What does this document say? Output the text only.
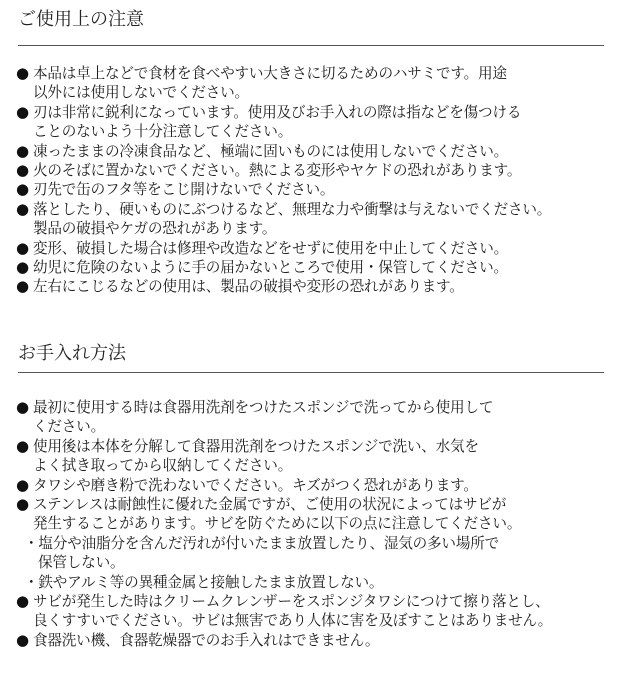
ご使用上の注意
● 本品は卓上などで食材を食べやすい大きさに切るためのハサミです。用途
以外には使用しないでください。
● 刃は非常に鋭利になっています。使用及びお手入れの際は指などを傷つける
ことのないよう十分注意してください。
● 凍ったままの冷凍食品など、極端に固いものには使用しないでください。
● 火のそばに置かないでください。熱による変形やヤケドの恐れがあります。
● 刃先で缶のフタ等をこじ開けないでください。
● 落としたり、硬いものにぶつけるなど、無理な力や衝撃は与えないでください。
製品の破損やケガの恐れがあります。
● 変形、破損した場合は修理や改造などをせずに使用を中止してください。
● 幼児に危険のないように手の届かないところで使用・保管してください。
● 左右にこじるなどの使用は、製品の破損や変形の恐れがあります。
お手入れ方法
● 最初に使用する時は食器用洗剤をつけたスポンジで洗ってから使用して
ください。
● 使用後は本体を分解して食器用洗剤をつけたスポンジで洗い、水気を
よく拭き取ってから収納してください。
● タワシや磨き粉で洗わないでください。キズがつく恐れがあります。
● ステンレスは耐蝕性に優れた金属ですが、ご使用の状況によってはサビが
発生することがあります。サビを防ぐために以下の点に注意してください。
・塩分や油脂分を含んだ汚れが付いたまま放置したり、湿気の多い場所で
保管しない。
・鉄やアルミ等の異種金属と接触したまま放置しない。
● サビが発生した時はクリームクレンザーをスポンジタワシにつけて擦り落とし、
良くすすいでください。サビは無害であり人体に害を及ぼすことはありません。
● 食器洗い機、食器乾燥器でのお手入れはできません。
